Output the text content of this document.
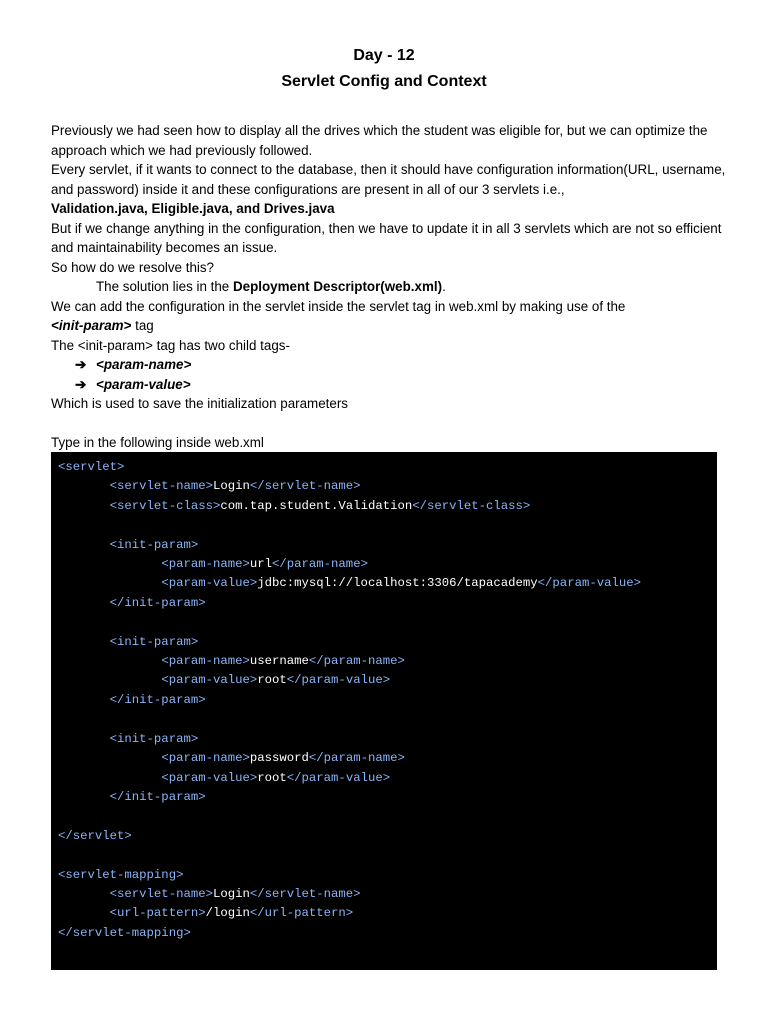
Day - 12
Servlet Config and Context

Previously we had seen how to display all the drives which the student was eligible for, but we can optimize the approach which we had previously followed.

Every servlet, if it wants to connect to the database, then it should have configuration information(URL, username, and password) inside it and these configurations are present in all of our 3 servlets i.e.,

Validation.java, Eligible.java, and Drives.java

But if we change anything in the configuration, then we have to update it in all 3 servlets which are not so efficient and maintainability becomes an issue.

So how do we resolve this?

The solution lies in the Deployment Descriptor(web.xml).

We can add the configuration in the servlet inside the servlet tag in web.xml by making use of the

<init-param> tag

The <init-param> tag has two child tags-

➔ <param-name>

➔ <param-value>

Which is used to save the initialization parameters

Type in the following inside web.xml

<servlet>
<servlet-name>Login</servlet-name>
<servlet-class>com.tap.student.Validation</servlet-class>

<init-param>
<param-name>url</param-name>
<param-value>jdbc:mysql://localhost:3306/tapacademy</param-value>
</init-param>

<init-param>
<param-name>username</param-name>
<param-value>root</param-value>
</init-param>

<init-param>
<param-name>password</param-name>
<param-value>root</param-value>
</init-param>

</servlet>

<servlet-mapping>
<servlet-name>Login</servlet-name>
<url-pattern>/login</url-pattern>
</servlet-mapping>
